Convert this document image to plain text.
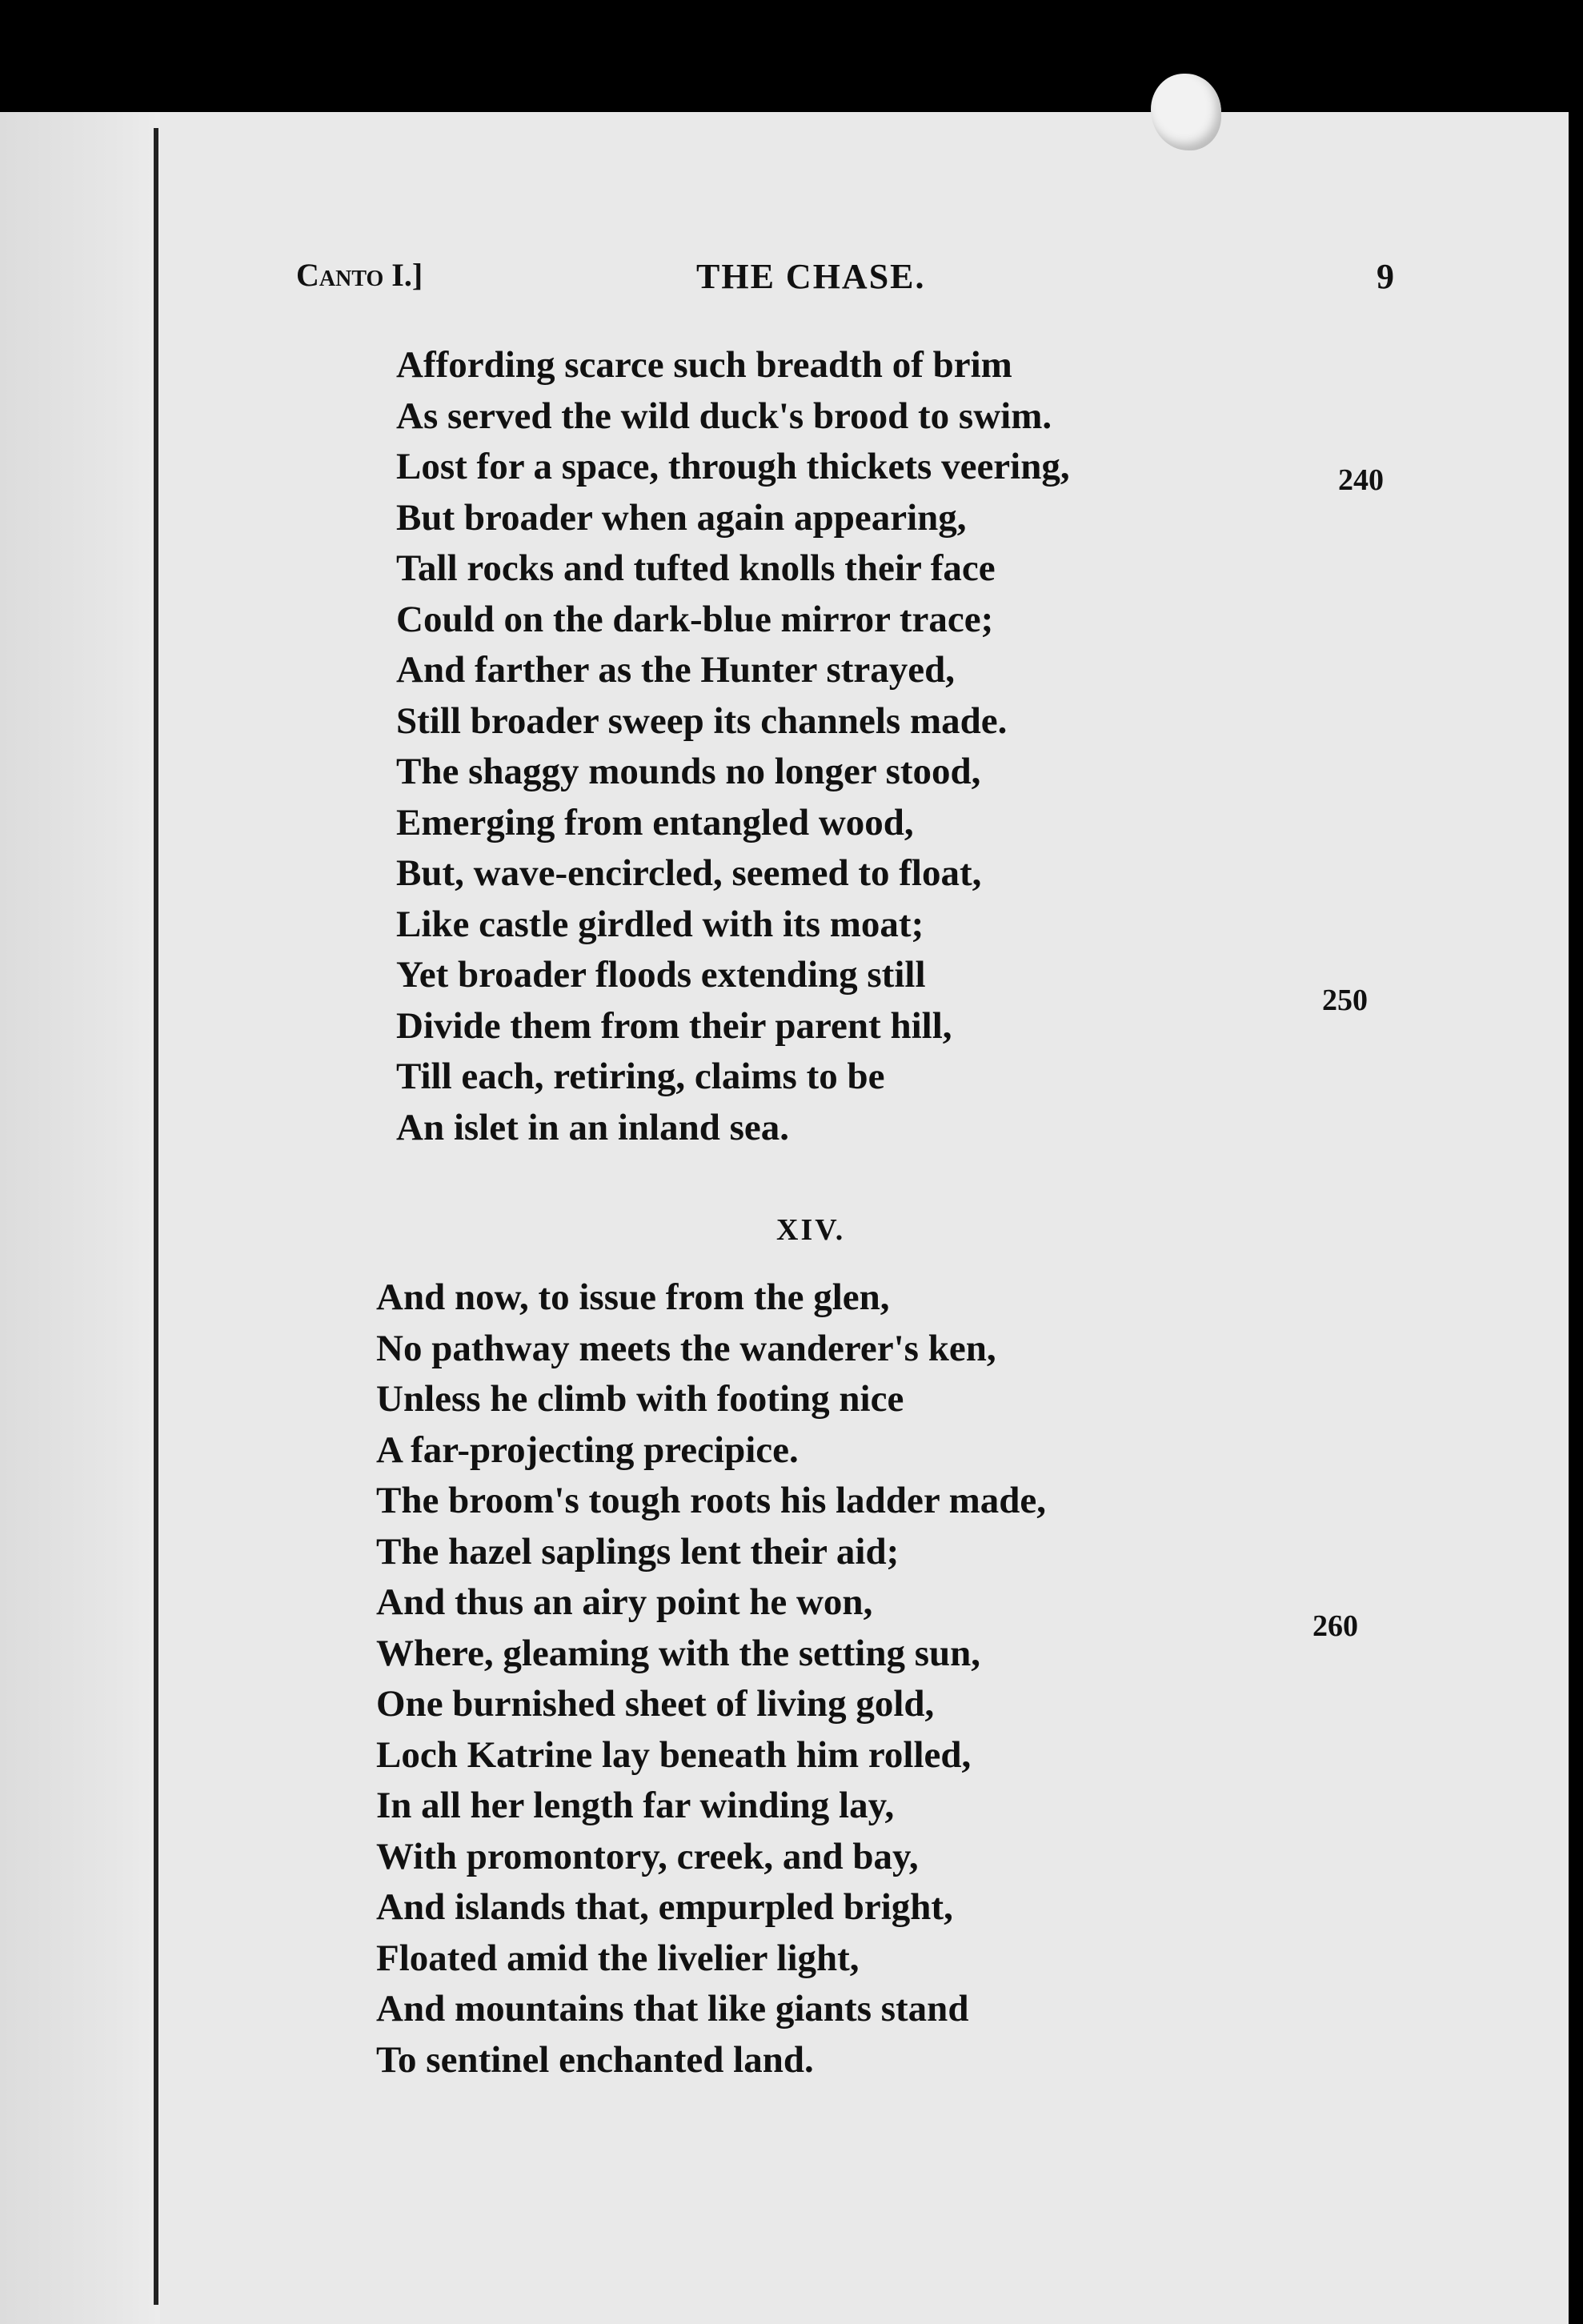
Canto I.]	THE CHASE.	9
Affording scarce such breadth of brim
As served the wild duck's brood to swim.
Lost for a space, through thickets veering,
But broader when again appearing,
Tall rocks and tufted knolls their face
Could on the dark-blue mirror trace;
And farther as the Hunter strayed,
Still broader sweep its channels made.
The shaggy mounds no longer stood,
Emerging from entangled wood,
But, wave-encircled, seemed to float,
Like castle girdled with its moat;
Yet broader floods extending still
Divide them from their parent hill,
Till each, retiring, claims to be
An islet in an inland sea.
XIV.
And now, to issue from the glen,
No pathway meets the wanderer's ken,
Unless he climb with footing nice
A far-projecting precipice.
The broom's tough roots his ladder made,
The hazel saplings lent their aid;
And thus an airy point he won,
Where, gleaming with the setting sun,
One burnished sheet of living gold,
Loch Katrine lay beneath him rolled,
In all her length far winding lay,
With promontory, creek, and bay,
And islands that, empurpled bright,
Floated amid the livelier light,
And mountains that like giants stand
To sentinel enchanted land.
240
250
260
